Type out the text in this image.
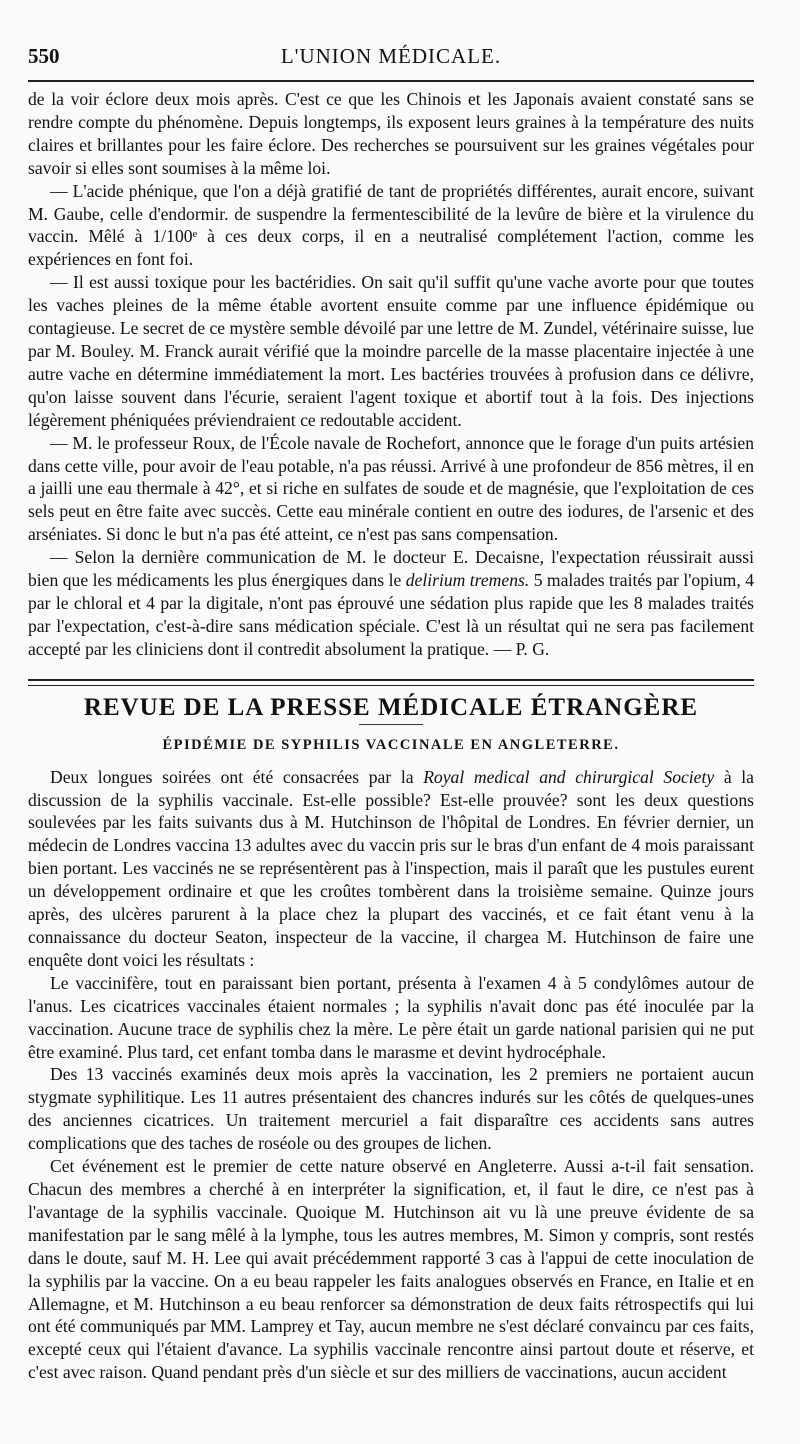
550	L'UNION MÉDICALE.

de la voir éclore deux mois après. C'est ce que les Chinois et les Japonais avaient constaté sans se rendre compte du phénomène. Depuis longtemps, ils exposent leurs graines à la température des nuits claires et brillantes pour les faire éclore. Des recherches se poursuivent sur les graines végétales pour savoir si elles sont soumises à la même loi.

— L'acide phénique, que l'on a déjà gratifié de tant de propriétés différentes, aurait encore, suivant M. Gaube, celle d'endormir. de suspendre la fermentescibilité de la levûre de bière et la virulence du vaccin. Mêlé à 1/100ᵉ à ces deux corps, il en a neutralisé complétement l'action, comme les expériences en font foi.

— Il est aussi toxique pour les bactéridies. On sait qu'il suffit qu'une vache avorte pour que toutes les vaches pleines de la même étable avortent ensuite comme par une influence épidémique ou contagieuse. Le secret de ce mystère semble dévoilé par une lettre de M. Zundel, vétérinaire suisse, lue par M. Bouley. M. Franck aurait vérifié que la moindre parcelle de la masse placentaire injectée à une autre vache en détermine immédiatement la mort. Les bactéries trouvées à profusion dans ce délivre, qu'on laisse souvent dans l'écurie, seraient l'agent toxique et abortif tout à la fois. Des injections légèrement phéniquées préviendraient ce redoutable accident.

— M. le professeur Roux, de l'École navale de Rochefort, annonce que le forage d'un puits artésien dans cette ville, pour avoir de l'eau potable, n'a pas réussi. Arrivé à une profondeur de 856 mètres, il en a jailli une eau thermale à 42°, et si riche en sulfates de soude et de magnésie, que l'exploitation de ces sels peut en être faite avec succès. Cette eau minérale contient en outre des iodures, de l'arsenic et des arséniates. Si donc le but n'a pas été atteint, ce n'est pas sans compensation.

— Selon la dernière communication de M. le docteur E. Decaisne, l'expectation réussirait aussi bien que les médicaments les plus énergiques dans le delirium tremens. 5 malades traités par l'opium, 4 par le chloral et 4 par la digitale, n'ont pas éprouvé une sédation plus rapide que les 8 malades traités par l'expectation, c'est-à-dire sans médication spéciale. C'est là un résultat qui ne sera pas facilement accepté par les cliniciens dont il contredit absolument la pratique. — P. G.

REVUE DE LA PRESSE MÉDICALE ÉTRANGÈRE
ÉPIDÉMIE DE SYPHILIS VACCINALE EN ANGLETERRE.

Deux longues soirées ont été consacrées par la Royal medical and chirurgical Society à la discussion de la syphilis vaccinale. Est-elle possible? Est-elle prouvée? sont les deux questions soulevées par les faits suivants dus à M. Hutchinson de l'hôpital de Londres. En février dernier, un médecin de Londres vaccina 13 adultes avec du vaccin pris sur le bras d'un enfant de 4 mois paraissant bien portant. Les vaccinés ne se représentèrent pas à l'inspection, mais il paraît que les pustules eurent un développement ordinaire et que les croûtes tombèrent dans la troisième semaine. Quinze jours après, des ulcères parurent à la place chez la plupart des vaccinés, et ce fait étant venu à la connaissance du docteur Seaton, inspecteur de la vaccine, il chargea M. Hutchinson de faire une enquête dont voici les résultats :

Le vaccinifère, tout en paraissant bien portant, présenta à l'examen 4 à 5 condylômes autour de l'anus. Les cicatrices vaccinales étaient normales ; la syphilis n'avait donc pas été inoculée par la vaccination. Aucune trace de syphilis chez la mère. Le père était un garde national parisien qui ne put être examiné. Plus tard, cet enfant tomba dans le marasme et devint hydrocéphale.

Des 13 vaccinés examinés deux mois après la vaccination, les 2 premiers ne portaient aucun stygmate syphilitique. Les 11 autres présentaient des chancres indurés sur les côtés de quelques-unes des anciennes cicatrices. Un traitement mercuriel a fait disparaître ces accidents sans autres complications que des taches de roséole ou des groupes de lichen.

Cet événement est le premier de cette nature observé en Angleterre. Aussi a-t-il fait sensation. Chacun des membres a cherché à en interpréter la signification, et, il faut le dire, ce n'est pas à l'avantage de la syphilis vaccinale. Quoique M. Hutchinson ait vu là une preuve évidente de sa manifestation par le sang mêlé à la lymphe, tous les autres membres, M. Simon y compris, sont restés dans le doute, sauf M. H. Lee qui avait précédemment rapporté 3 cas à l'appui de cette inoculation de la syphilis par la vaccine. On a eu beau rappeler les faits analogues observés en France, en Italie et en Allemagne, et M. Hutchinson a eu beau renforcer sa démonstration de deux faits rétrospectifs qui lui ont été communiqués par MM. Lamprey et Tay, aucun membre ne s'est déclaré convaincu par ces faits, excepté ceux qui l'étaient d'avance. La syphilis vaccinale rencontre ainsi partout doute et réserve, et c'est avec raison. Quand pendant près d'un siècle et sur des milliers de vaccinations, aucun accident
